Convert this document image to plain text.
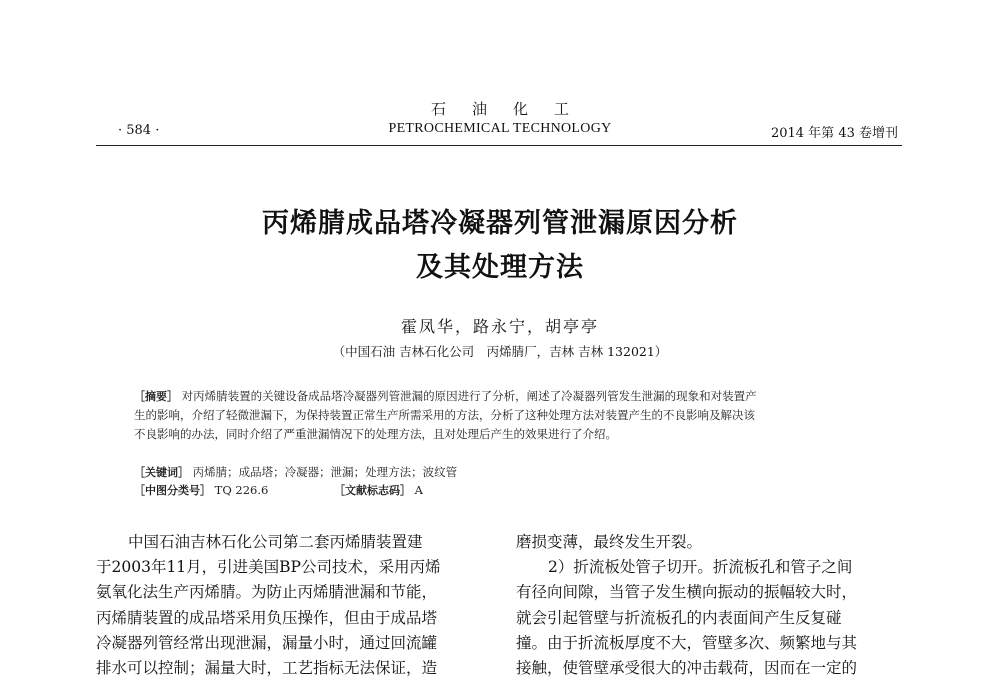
石油化工
· 584 ·	PETROCHEMICAL TECHNOLOGY	2014 年第 43 卷增刊
丙烯腈成品塔冷凝器列管泄漏原因分析
及其处理方法
霍凤华，路永宁，胡亭亭
（中国石油 吉林石化公司　丙烯腈厂，吉林 吉林 132021）
［摘要］ 对丙烯腈装置的关键设备成品塔冷凝器列管泄漏的原因进行了分析，阐述了冷凝器列管发生泄漏的现象和对装置产
生的影响，介绍了轻微泄漏下，为保持装置正常生产所需采用的方法，分析了这种处理方法对装置产生的不良影响及解决该
不良影响的办法，同时介绍了严重泄漏情况下的处理方法，且对处理后产生的效果进行了介绍。
［关键词］ 丙烯腈；成品塔；冷凝器；泄漏；处理方法；波纹管
［中图分类号］ TQ 226.6	［文献标志码］ A
中国石油吉林石化公司第二套丙烯腈装置建
于2003年11月，引进美国BP公司技术，采用丙烯
氨氧化法生产丙烯腈。为防止丙烯腈泄漏和节能，
丙烯腈装置的成品塔采用负压操作，但由于成品塔
冷凝器列管经常出现泄漏，漏量小时，通过回流罐
排水可以控制；漏量大时，工艺指标无法保证，造
磨损变薄，最终发生开裂。
2）折流板处管子切开。折流板孔和管子之间
有径向间隙，当管子发生横向振动的振幅较大时，
就会引起管壁与折流板孔的内表面间产生反复碰
撞。由于折流板厚度不大，管壁多次、频繁地与其
接触，使管壁承受很大的冲击载荷，因而在一定的
